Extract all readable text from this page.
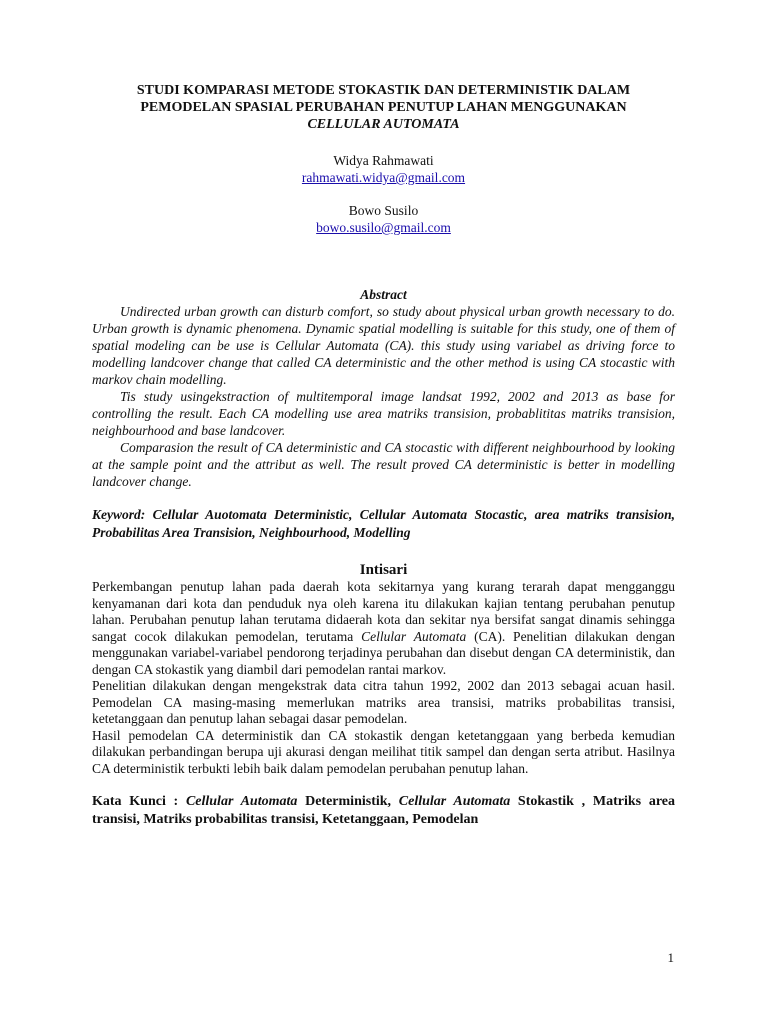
STUDI KOMPARASI METODE STOKASTIK DAN DETERMINISTIK DALAM

PEMODELAN SPASIAL PERUBAHAN PENUTUP LAHAN MENGGUNAKAN

CELLULAR AUTOMATA

Widya Rahmawati

rahmawati.widya@gmail.com

Bowo Susilo

bowo.susilo@gmail.com

Abstract

Undirected urban growth can disturb comfort, so study about physical urban growth necessary to do. Urban growth is dynamic phenomena. Dynamic spatial modelling is suitable for this study, one of them of spatial modeling can be use is Cellular Automata (CA). this study using variabel as driving force to modelling landcover change that called CA deterministic and the other method is using CA stocastic with markov chain modelling.

Tis study usingekstraction of multitemporal image landsat 1992, 2002 and 2013 as base for controlling the result. Each CA modelling use area matriks transision, probablititas matriks transision, neighbourhood and base landcover.

Comparasion the result of CA deterministic and CA stocastic with different neighbourhood by looking at the sample point and the attribut as well. The result proved CA deterministic is better in modelling landcover change.

Keyword: Cellular Auotomata Deterministic, Cellular Automata Stocastic, area matriks transision, Probabilitas Area Transision, Neighbourhood, Modelling

Intisari

Perkembangan penutup lahan pada daerah kota sekitarnya yang kurang terarah dapat mengganggu kenyamanan dari kota dan penduduk nya oleh karena itu dilakukan kajian tentang perubahan penutup lahan. Perubahan penutup lahan terutama didaerah kota dan sekitar nya bersifat sangat dinamis sehingga sangat cocok dilakukan pemodelan, terutama Cellular Automata (CA). Penelitian dilakukan dengan menggunakan variabel-variabel pendorong terjadinya perubahan dan disebut dengan CA deterministik, dan dengan CA stokastik yang diambil dari pemodelan rantai markov.

Penelitian dilakukan dengan mengekstrak data citra tahun 1992, 2002 dan 2013 sebagai acuan hasil. Pemodelan CA masing-masing memerlukan matriks area transisi, matriks probabilitas transisi, ketetanggaan dan penutup lahan sebagai dasar pemodelan.

Hasil pemodelan CA deterministik dan CA stokastik dengan ketetanggaan yang berbeda kemudian dilakukan perbandingan berupa uji akurasi dengan meilihat titik sampel dan dengan serta atribut. Hasilnya CA deterministik terbukti lebih baik dalam pemodelan perubahan penutup lahan.

Kata Kunci : Cellular Automata Deterministik, Cellular Automata Stokastik , Matriks area transisi, Matriks probabilitas transisi, Ketetanggaan, Pemodelan

1
